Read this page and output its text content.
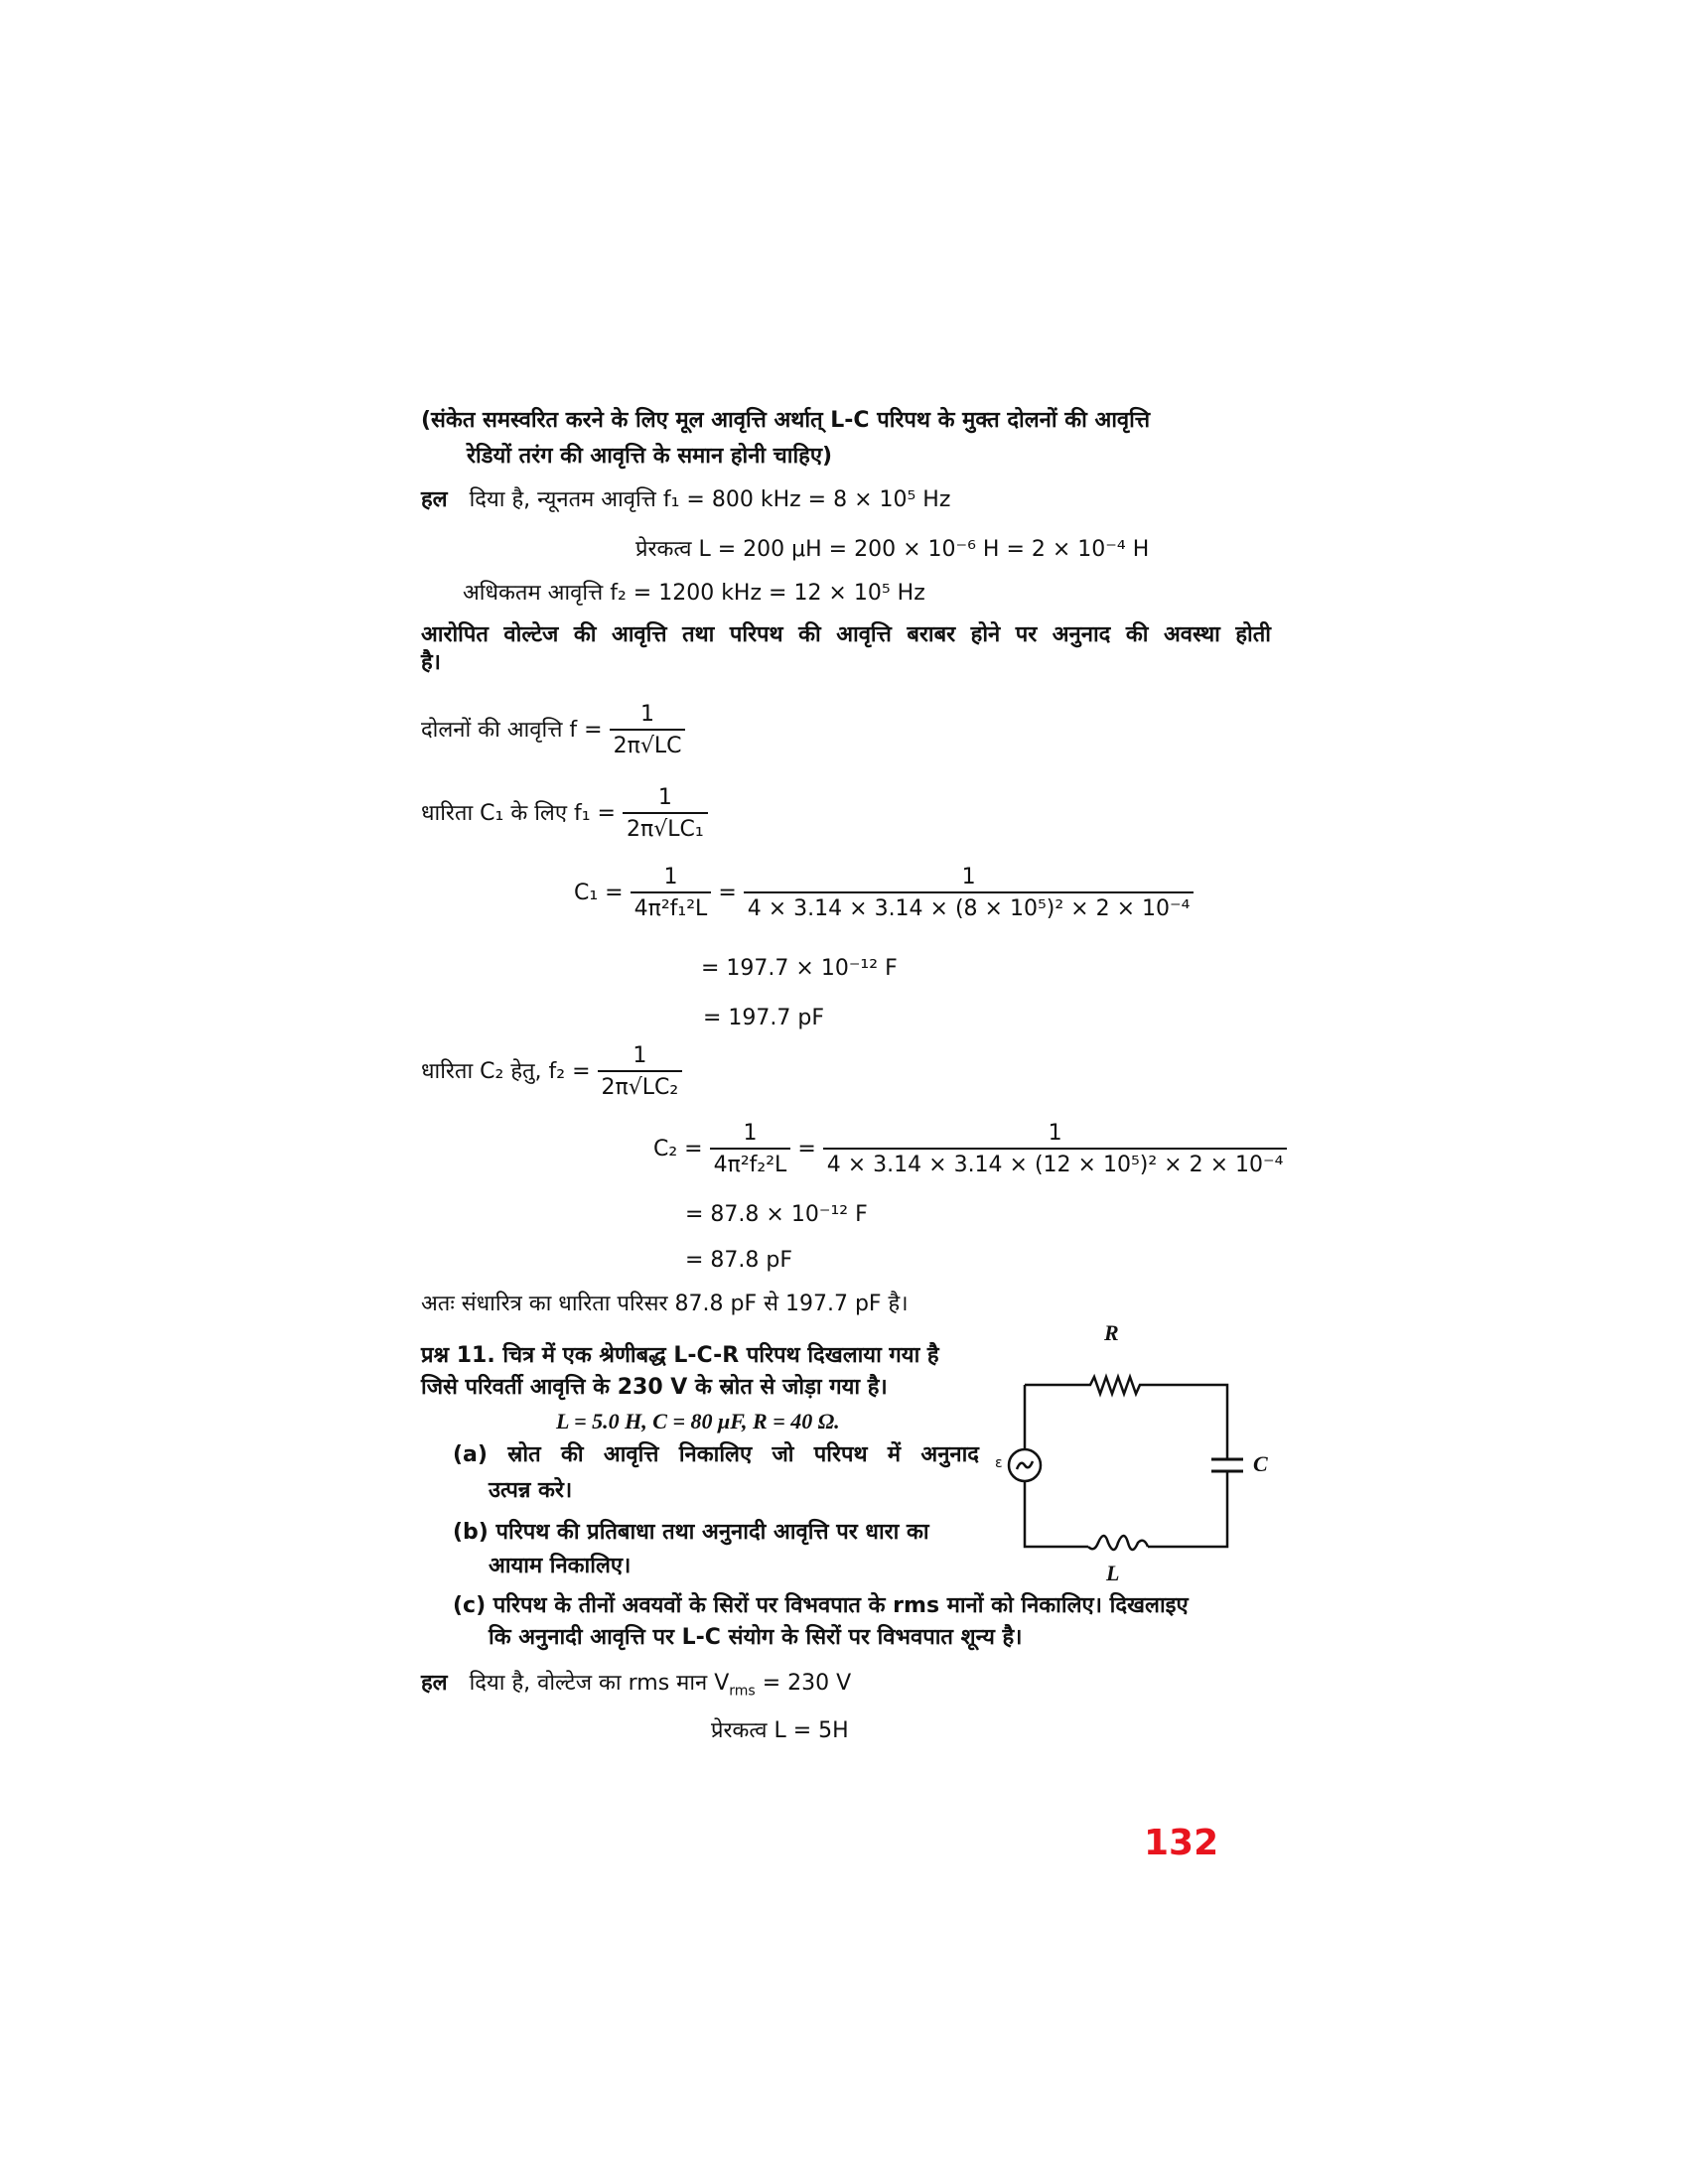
(संकेत समस्वरित करने के लिए मूल आवृत्ति अर्थात् L-C परिपथ के मुक्त दोलनों की आवृत्ति
रेडियों तरंग की आवृत्ति के समान होनी चाहिए)
हल दिया है, न्यूनतम आवृत्ति f₁ = 800 kHz = 8 × 10⁵ Hz
प्रेरकत्व L = 200 μH = 200 × 10⁻⁶ H = 2 × 10⁻⁴ H
अधिकतम आवृत्ति f₂ = 1200 kHz = 12 × 10⁵ Hz
आरोपित वोल्टेज की आवृत्ति तथा परिपथ की आवृत्ति बराबर होने पर अनुनाद की अवस्था होती है।
दोलनों की आवृत्ति $f = \frac{1}{2\pi√LC}$
धारिता C₁ के लिए $f_1 = \frac{1}{\text{2π√LC₁}}$
$C_1 = \frac{1}{\text{4π²f₁²L}} = \frac{1}{\text{4 × 3.14 × 3.14 × (8 × 10⁵)² × 2 × 10⁻⁴}}$
= 197.7 × 10⁻¹² F
= 197.7 pF
धारिता C₂ हेतु, $f_2 = \frac{1}{\text{2π√LC₂}}$
$C_2 = \frac{1}{\text{4π²f₂²L}} = \frac{1}{\text{4 × 3.14 × 3.14 × (12 × 10⁵)² × 2 × 10⁻⁴}}$
= 87.8 × 10⁻¹² F
= 87.8 pF
अतः संधारित्र का धारिता परिसर 87.8 pF से 197.7 pF है।
प्रश्न 11. चित्र में एक श्रेणीबद्ध L-C-R परिपथ दिखलाया गया है
जिसे परिवर्ती आवृत्ति के 230 V के स्रोत से जोड़ा गया है।
L = 5.0 H, C = 80 μF, R = 40 Ω.
(a) स्रोत की आवृत्ति निकालिए जो परिपथ में अनुनाद
उत्पन्न करे।
(b) परिपथ की प्रतिबाधा तथा अनुनादी आवृत्ति पर धारा का
आयाम निकालिए।
(c) परिपथ के तीनों अवयवों के सिरों पर विभवपात के rms मानों को निकालिए। दिखलाइए
कि अनुनादी आवृत्ति पर L-C संयोग के सिरों पर विभवपात शून्य है।
R
C
L
ε
हल दिया है, वोल्टेज का rms मान $V_{rms} = 230$ V
प्रेरकत्व L = 5H
132
